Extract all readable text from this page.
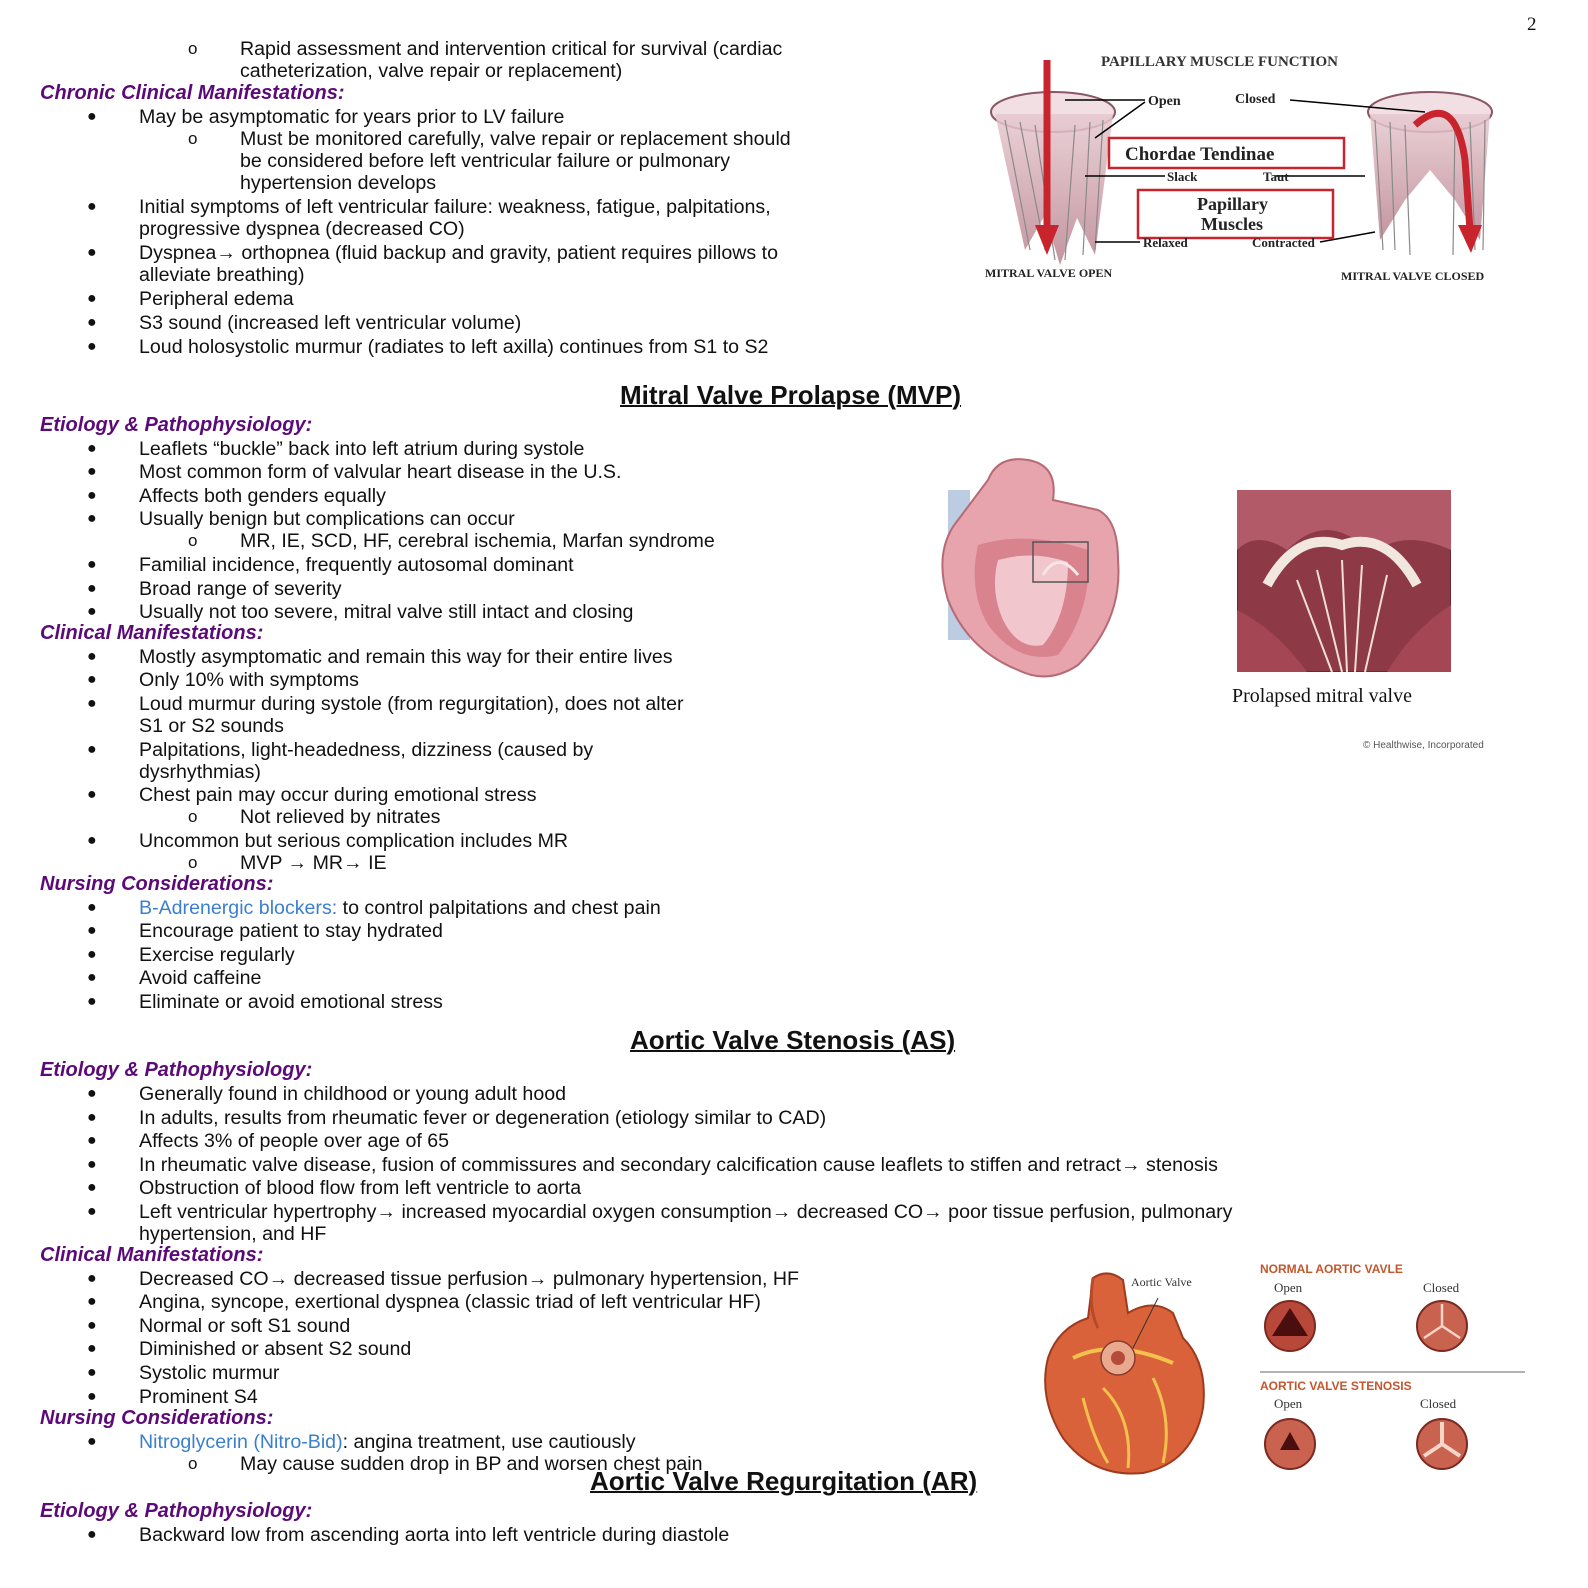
2
o Rapid assessment and intervention critical for survival (cardiac
catheterization, valve repair or replacement)
Chronic Clinical Manifestations:
● May be asymptomatic for years prior to LV failure
o Must be monitored carefully, valve repair or replacement should
be considered before left ventricular failure or pulmonary
hypertension develops
● Initial symptoms of left ventricular failure: weakness, fatigue, palpitations,
progressive dyspnea (decreased CO)
● Dyspnea→ orthopnea (fluid backup and gravity, patient requires pillows to
alleviate breathing)
● Peripheral edema
● S3 sound (increased left ventricular volume)
● Loud holosystolic murmur (radiates to left axilla) continues from S1 to S2
PAPILLARY MUSCLE FUNCTION
Open	Closed
Chordae Tendinae
Slack	Taut
Papillary
Muscles
Relaxed	Contracted
MITRAL VALVE OPEN	MITRAL VALVE CLOSED
Mitral Valve Prolapse (MVP)
Etiology & Pathophysiology:
● Leaflets “buckle” back into left atrium during systole
● Most common form of valvular heart disease in the U.S.
● Affects both genders equally
● Usually benign but complications can occur
o MR, IE, SCD, HF, cerebral ischemia, Marfan syndrome
● Familial incidence, frequently autosomal dominant
● Broad range of severity
● Usually not too severe, mitral valve still intact and closing
Clinical Manifestations:
● Mostly asymptomatic and remain this way for their entire lives
● Only 10% with symptoms
● Loud murmur during systole (from regurgitation), does not alter
S1 or S2 sounds
● Palpitations, light-headedness, dizziness (caused by
dysrhythmias)
● Chest pain may occur during emotional stress
o Not relieved by nitrates
● Uncommon but serious complication includes MR
o MVP → MR→ IE
Nursing Considerations:
● B-Adrenergic blockers: to control palpitations and chest pain
● Encourage patient to stay hydrated
● Exercise regularly
● Avoid caffeine
● Eliminate or avoid emotional stress
Prolapsed mitral valve
© Healthwise, Incorporated
Aortic Valve Stenosis (AS)
Etiology & Pathophysiology:
● Generally found in childhood or young adult hood
● In adults, results from rheumatic fever or degeneration (etiology similar to CAD)
● Affects 3% of people over age of 65
● In rheumatic valve disease, fusion of commissures and secondary calcification cause leaflets to stiffen and retract→ stenosis
● Obstruction of blood flow from left ventricle to aorta
● Left ventricular hypertrophy→ increased myocardial oxygen consumption→ decreased CO→ poor tissue perfusion, pulmonary
hypertension, and HF
Clinical Manifestations:
● Decreased CO→ decreased tissue perfusion→ pulmonary hypertension, HF
● Angina, syncope, exertional dyspnea (classic triad of left ventricular HF)
● Normal or soft S1 sound
● Diminished or absent S2 sound
● Systolic murmur
● Prominent S4
Nursing Considerations:
● Nitroglycerin (Nitro-Bid): angina treatment, use cautiously
o May cause sudden drop in BP and worsen chest pain
Aortic Valve
NORMAL AORTIC VAVLE
Open	Closed
AORTIC VALVE STENOSIS
Open	Closed
Aortic Valve Regurgitation (AR)
Etiology & Pathophysiology:
● Backward low from ascending aorta into left ventricle during diastole
